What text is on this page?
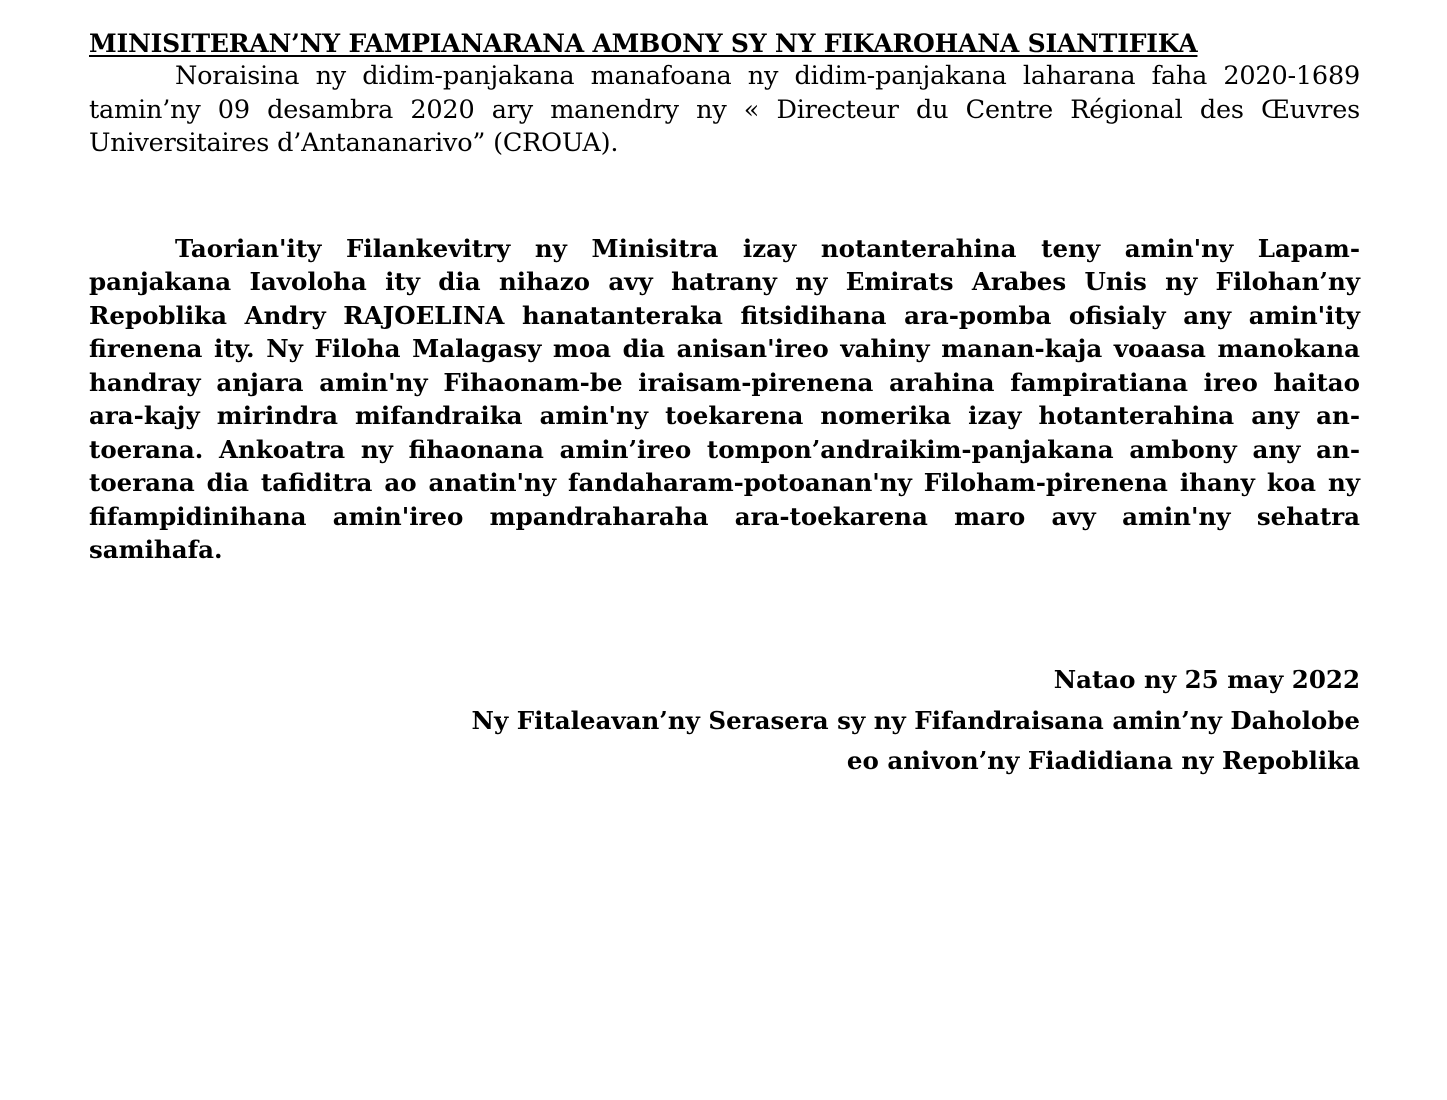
MINISITERAN’NY FAMPIANARANA AMBONY SY NY FIKAROHANA SIANTIFIKA

Noraisina ny didim-panjakana manafoana ny didim-panjakana laharana faha 2020-1689 tamin’ny 09 desambra 2020 ary manendry ny « Directeur du Centre Régional des Œuvres Universitaires d’Antananarivo” (CROUA).

Taorian'ity Filankevitry ny Minisitra izay notanterahina teny amin'ny Lapam-panjakana Iavoloha ity dia nihazo avy hatrany ny Emirats Arabes Unis ny Filohan’ny Repoblika Andry RAJOELINA hanatanteraka fitsidihana ara-pomba ofisialy any amin'ity firenena ity. Ny Filoha Malagasy moa dia anisan'ireo vahiny manan-kaja voaasa manokana handray anjara amin'ny Fihaonam-be iraisam-pirenena arahina fampiratiana ireo haitao ara-kajy mirindra mifandraika amin'ny toekarena nomerika izay hotanterahina any an-toerana. Ankoatra ny fihaonana amin’ireo tompon’andraikim-panjakana ambony any an-toerana dia tafiditra ao anatin'ny fandaharam-potoanan'ny Filoham-pirenena ihany koa ny fifampidinihana amin'ireo mpandraharaha ara-toekarena maro avy amin'ny sehatra samihafa.

Natao ny 25 may 2022
Ny Fitaleavan’ny Serasera sy ny Fifandraisana amin’ny Daholobe
eo anivon’ny Fiadidiana ny Repoblika
